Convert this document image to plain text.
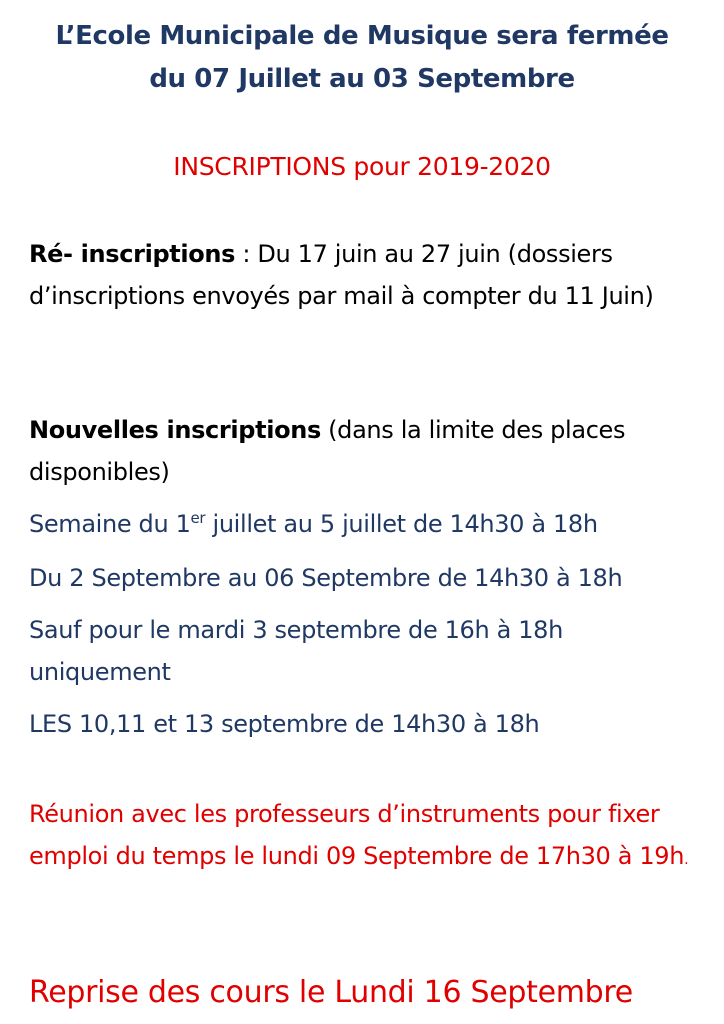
L’Ecole Municipale de Musique sera fermée

du 07 Juillet au 03 Septembre

INSCRIPTIONS pour 2019-2020

Ré- inscriptions : Du 17 juin au 27 juin (dossiers d’inscriptions envoyés par mail à compter du 11 Juin)

Nouvelles inscriptions (dans la limite des places disponibles)

Semaine du 1er juillet au 5 juillet de 14h30 à 18h

Du 2 Septembre au 06 Septembre de 14h30 à 18h

Sauf pour le mardi 3 septembre de 16h à 18h uniquement

LES 10,11 et 13 septembre de 14h30 à 18h

Réunion avec les professeurs d’instruments pour fixer emploi du temps le lundi 09 Septembre de 17h30 à 19h.

Reprise des cours le Lundi 16 Septembre
